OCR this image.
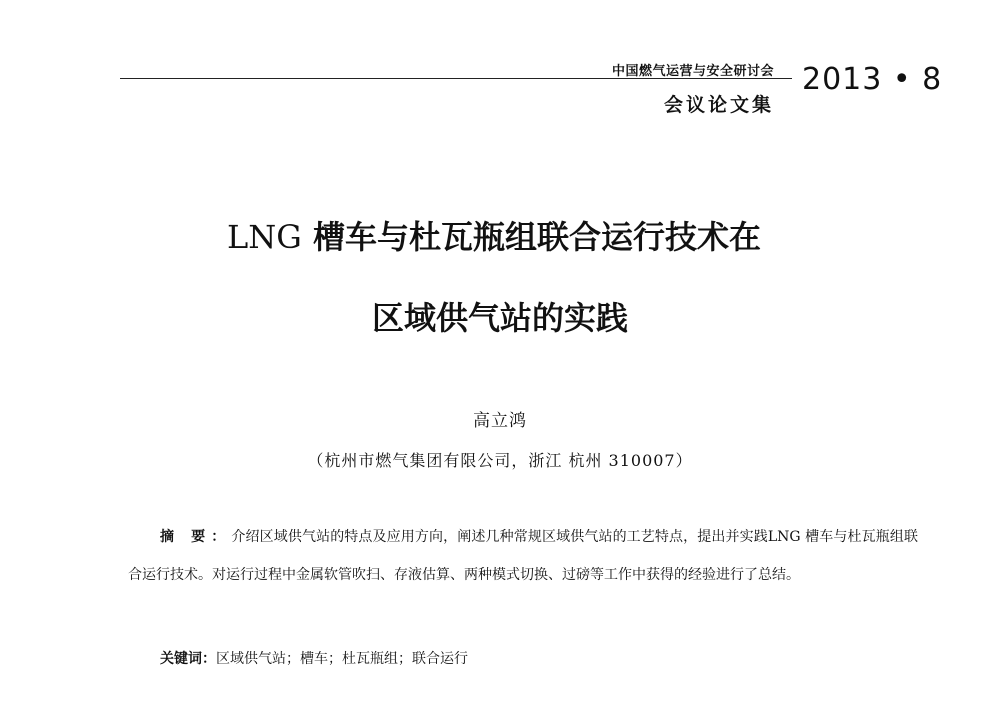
中国燃气运营与安全研讨会
会议论文集
2013 • 8
LNG 槽车与杜瓦瓶组联合运行技术在
区域供气站的实践
高立鸿
（杭州市燃气集团有限公司，浙江 杭州 310007）
摘 要：介绍区域供气站的特点及应用方向，阐述几种常规区域供气站的工艺特点，提出并实践LNG 槽车与杜瓦瓶组联合运行技术。对运行过程中金属软管吹扫、存液估算、两种模式切换、过磅等工作中获得的经验进行了总结。
关键词：区域供气站；槽车；杜瓦瓶组；联合运行
